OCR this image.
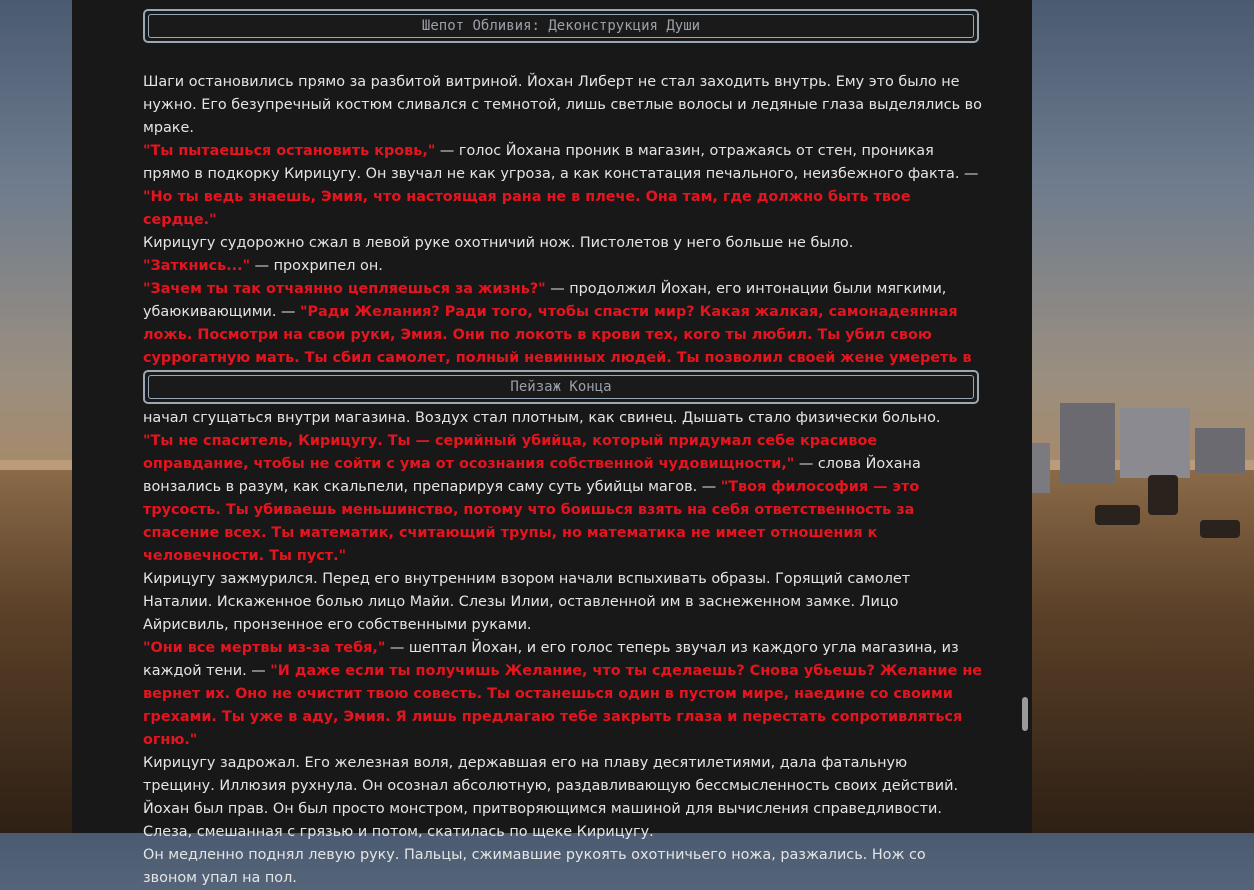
Шепот Обливия: Деконструкция Души

Шаги остановились прямо за разбитой витриной. Йохан Либерт не стал заходить внутрь. Ему это было не нужно. Его безупречный костюм сливался с темнотой, лишь светлые волосы и ледяные глаза выделялись во мраке.
"Ты пытаешься остановить кровь," — голос Йохана проник в магазин, отражаясь от стен, проникая прямо в подкорку Кирицугу. Он звучал не как угроза, а как констатация печального, неизбежного факта. — "Но ты ведь знаешь, Эмия, что настоящая рана не в плече. Она там, где должно быть твое сердце."
Кирицугу судорожно сжал в левой руке охотничий нож. Пистолетов у него больше не было.
"Заткнись..." — прохрипел он.
"Зачем ты так отчаянно цепляешься за жизнь?" — продолжил Йохан, его интонации были мягкими, убаюкивающими. — "Ради Желания? Ради того, чтобы спасти мир? Какая жалкая, самонадеянная ложь. Посмотри на свои руки, Эмия. Они по локоть в крови тех, кого ты любил. Ты убил свою суррогатную мать. Ты сбил самолет, полный невинных людей. Ты позволил своей жене умереть в

Пейзаж Конца

начал сгущаться внутри магазина. Воздух стал плотным, как свинец. Дышать стало физически больно.
"Ты не спаситель, Кирицугу. Ты — серийный убийца, который придумал себе красивое оправдание, чтобы не сойти с ума от осознания собственной чудовищности," — слова Йохана вонзались в разум, как скальпели, препарируя саму суть убийцы магов. — "Твоя философия — это трусость. Ты убиваешь меньшинство, потому что боишься взять на себя ответственность за спасение всех. Ты математик, считающий трупы, но математика не имеет отношения к человечности. Ты пуст."
Кирицугу зажмурился. Перед его внутренним взором начали вспыхивать образы. Горящий самолет Наталии. Искаженное болью лицо Майи. Слезы Илии, оставленной им в заснеженном замке. Лицо Айрисвиль, пронзенное его собственными руками.
"Они все мертвы из-за тебя," — шептал Йохан, и его голос теперь звучал из каждого угла магазина, из каждой тени. — "И даже если ты получишь Желание, что ты сделаешь? Снова убьешь? Желание не вернет их. Оно не очистит твою совесть. Ты останешься один в пустом мире, наедине со своими грехами. Ты уже в аду, Эмия. Я лишь предлагаю тебе закрыть глаза и перестать сопротивляться огню."
Кирицугу задрожал. Его железная воля, державшая его на плаву десятилетиями, дала фатальную трещину. Иллюзия рухнула. Он осознал абсолютную, раздавливающую бессмысленность своих действий. Йохан был прав. Он был просто монстром, притворяющимся машиной для вычисления справедливости.
Слеза, смешанная с грязью и потом, скатилась по щеке Кирицугу.
Он медленно поднял левую руку. Пальцы, сжимавшие рукоять охотничьего ножа, разжались. Нож со звоном упал на пол.
